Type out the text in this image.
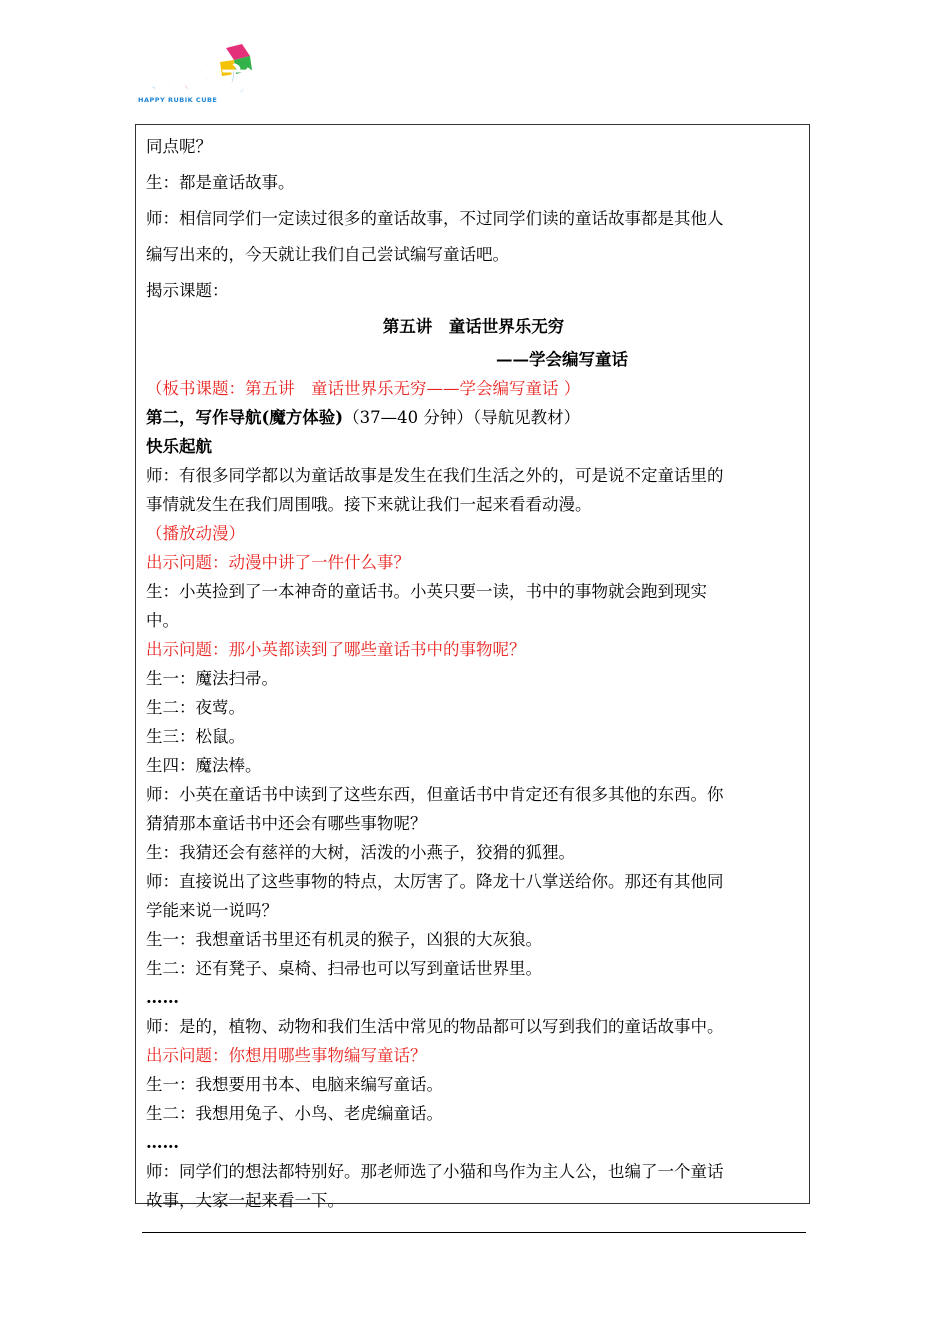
快 乐 魔 方
HAPPY RUBIK CUBE
同点呢？
生：都是童话故事。
师：相信同学们一定读过很多的童话故事，不过同学们读的童话故事都是其他人
编写出来的，今天就让我们自己尝试编写童话吧。
揭示课题：
第五讲　童话世界乐无穷
——学会编写童话
（板书课题：第五讲　童话世界乐无穷——学会编写童话 ）
第二，写作导航(魔方体验)（37—40 分钟）（导航见教材）
快乐起航
师：有很多同学都以为童话故事是发生在我们生活之外的，可是说不定童话里的
事情就发生在我们周围哦。接下来就让我们一起来看看动漫。
（播放动漫）
出示问题：动漫中讲了一件什么事？
生：小英捡到了一本神奇的童话书。小英只要一读，书中的事物就会跑到现实
中。
出示问题：那小英都读到了哪些童话书中的事物呢？
生一：魔法扫帚。
生二：夜莺。
生三：松鼠。
生四：魔法棒。
师：小英在童话书中读到了这些东西，但童话书中肯定还有很多其他的东西。你
猜猜那本童话书中还会有哪些事物呢？
生：我猜还会有慈祥的大树，活泼的小燕子，狡猾的狐狸。
师：直接说出了这些事物的特点，太厉害了。降龙十八掌送给你。那还有其他同
学能来说一说吗？
生一：我想童话书里还有机灵的猴子，凶狠的大灰狼。
生二：还有凳子、桌椅、扫帚也可以写到童话世界里。
……
师：是的，植物、动物和我们生活中常见的物品都可以写到我们的童话故事中。
出示问题：你想用哪些事物编写童话？
生一：我想要用书本、电脑来编写童话。
生二：我想用兔子、小鸟、老虎编童话。
……
师：同学们的想法都特别好。那老师选了小猫和鸟作为主人公，也编了一个童话
故事，大家一起来看一下。
